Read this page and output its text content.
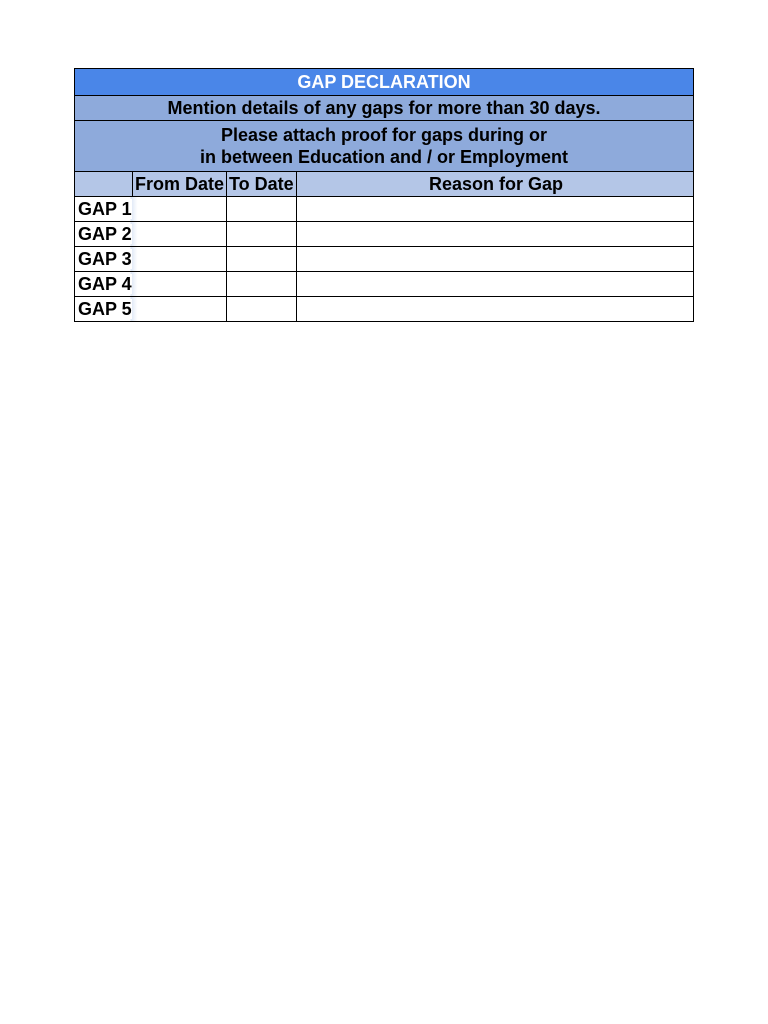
GAP DECLARATION			
Mention details of any gaps for more than 30 days.			
Please attach proof for gaps during or
in between Education and / or Employment			
	From Date	To Date	Reason for Gap
GAP 1			
GAP 2			
GAP 3			
GAP 4			
GAP 5			
